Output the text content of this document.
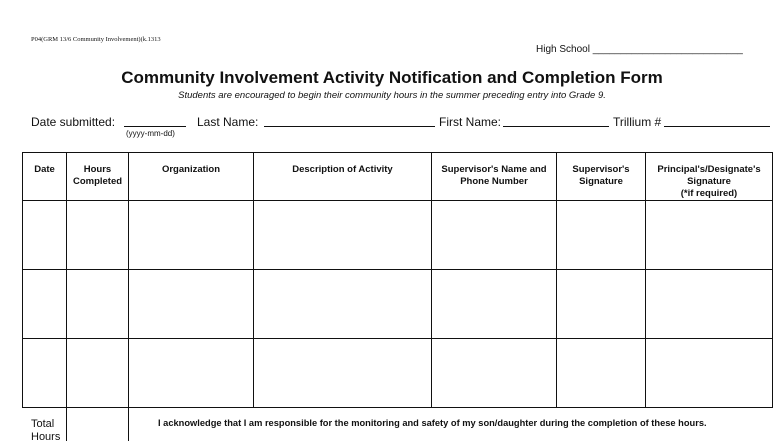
P04(GRM 13/6 Community Involvement)(k.1313
High School ___________________________
Community Involvement Activity Notification and Completion Form
Students are encouraged to begin their community hours in the summer preceding entry into Grade 9.
Date submitted:
(yyyy-mm-dd)
Last Name:	First Name:	Trillium #
Date	Hours Completed	Organization	Description of Activity	Supervisor's Name and Phone Number	Supervisor's Signature	Principal's/Designate's Signature
(*if required)

Total Hours
I acknowledge that I am responsible for the monitoring and safety of my son/daughter during the completion of these hours.
